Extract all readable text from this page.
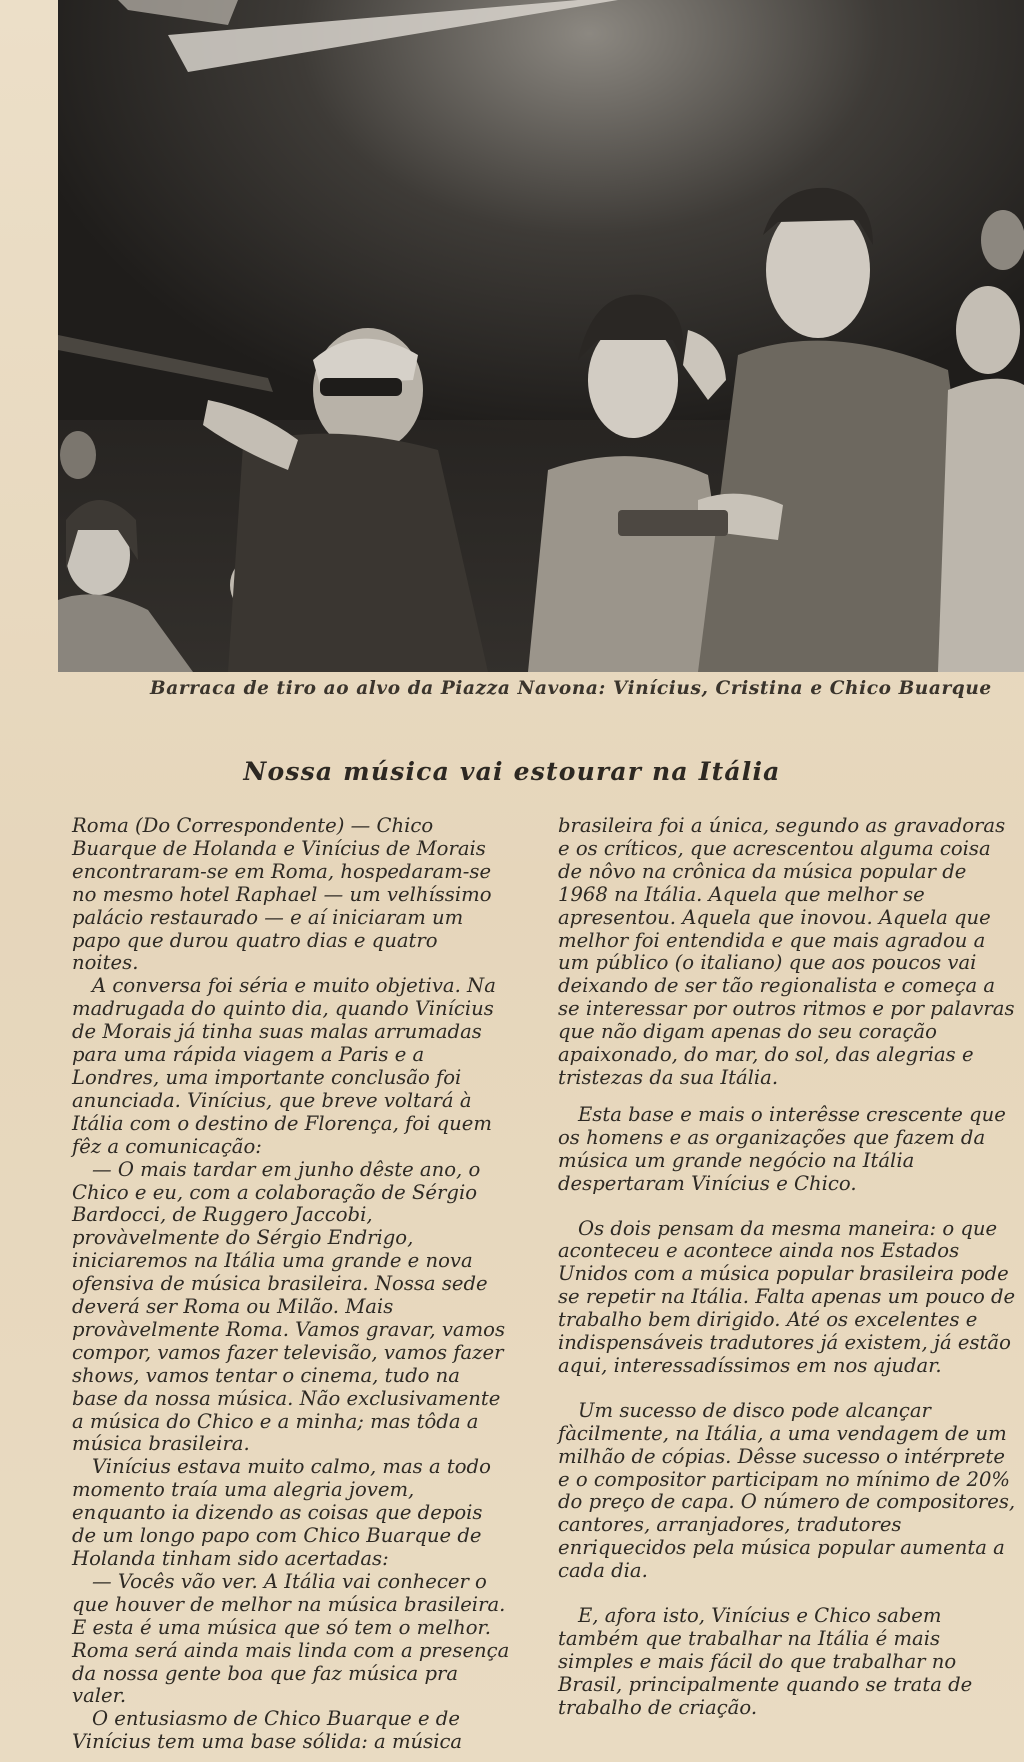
Barraca de tiro ao alvo da Piazza Navona: Vinícius, Cristina e Chico Buarque
Nossa música vai estourar na Itália

Roma (Do Correspondente) — Chico Buarque de Holanda e Vinícius de Morais encontraram-se em Roma, hospedaram-se no mesmo hotel Raphael — um velhíssimo palácio restaurado — e aí iniciaram um papo que durou quatro dias e quatro noites.

A conversa foi séria e muito objetiva. Na madrugada do quinto dia, quando Vinícius de Morais já tinha suas malas arrumadas para uma rápida viagem a Paris e a Londres, uma importante conclusão foi anunciada. Vinícius, que breve voltará à Itália com o destino de Florença, foi quem fêz a comunicação:

— O mais tardar em junho dêste ano, o Chico e eu, com a colaboração de Sérgio Bardocci, de Ruggero Jaccobi, provàvelmente do Sérgio Endrigo, iniciaremos na Itália uma grande e nova ofensiva de música brasileira. Nossa sede deverá ser Roma ou Milão. Mais provàvelmente Roma. Vamos gravar, vamos compor, vamos fazer televisão, vamos fazer shows, vamos tentar o cinema, tudo na base da nossa música. Não exclusivamente a música do Chico e a minha; mas tôda a música brasileira.

Vinícius estava muito calmo, mas a todo momento traía uma alegria jovem, enquanto ia dizendo as coisas que depois de um longo papo com Chico Buarque de Holanda tinham sido acertadas:

— Vocês vão ver. A Itália vai conhecer o que houver de melhor na música brasileira. E esta é uma música que só tem o melhor. Roma será ainda mais linda com a presença da nossa gente boa que faz música pra valer.

O entusiasmo de Chico Buarque e de Vinícius tem uma base sólida: a música

brasileira foi a única, segundo as gravadoras e os críticos, que acrescentou alguma coisa de nôvo na crônica da música popular de 1968 na Itália. Aquela que melhor se apresentou. Aquela que inovou. Aquela que melhor foi entendida e que mais agradou a um público (o italiano) que aos poucos vai deixando de ser tão regionalista e começa a se interessar por outros ritmos e por palavras que não digam apenas do seu coração apaixonado, do mar, do sol, das alegrias e tristezas da sua Itália.

Esta base e mais o interêsse crescente que os homens e as organizações que fazem da música um grande negócio na Itália despertaram Vinícius e Chico.

Os dois pensam da mesma maneira: o que aconteceu e acontece ainda nos Estados Unidos com a música popular brasileira pode se repetir na Itália. Falta apenas um pouco de trabalho bem dirigido. Até os excelentes e indispensáveis tradutores já existem, já estão aqui, interessadíssimos em nos ajudar.

Um sucesso de disco pode alcançar fàcilmente, na Itália, a uma vendagem de um milhão de cópias. Dêsse sucesso o intérprete e o compositor participam no mínimo de 20% do preço de capa. O número de compositores, cantores, arranjadores, tradutores enriquecidos pela música popular aumenta a cada dia.

E, afora isto, Vinícius e Chico sabem também que trabalhar na Itália é mais simples e mais fácil do que trabalhar no Brasil, principalmente quando se trata de trabalho de criação.
